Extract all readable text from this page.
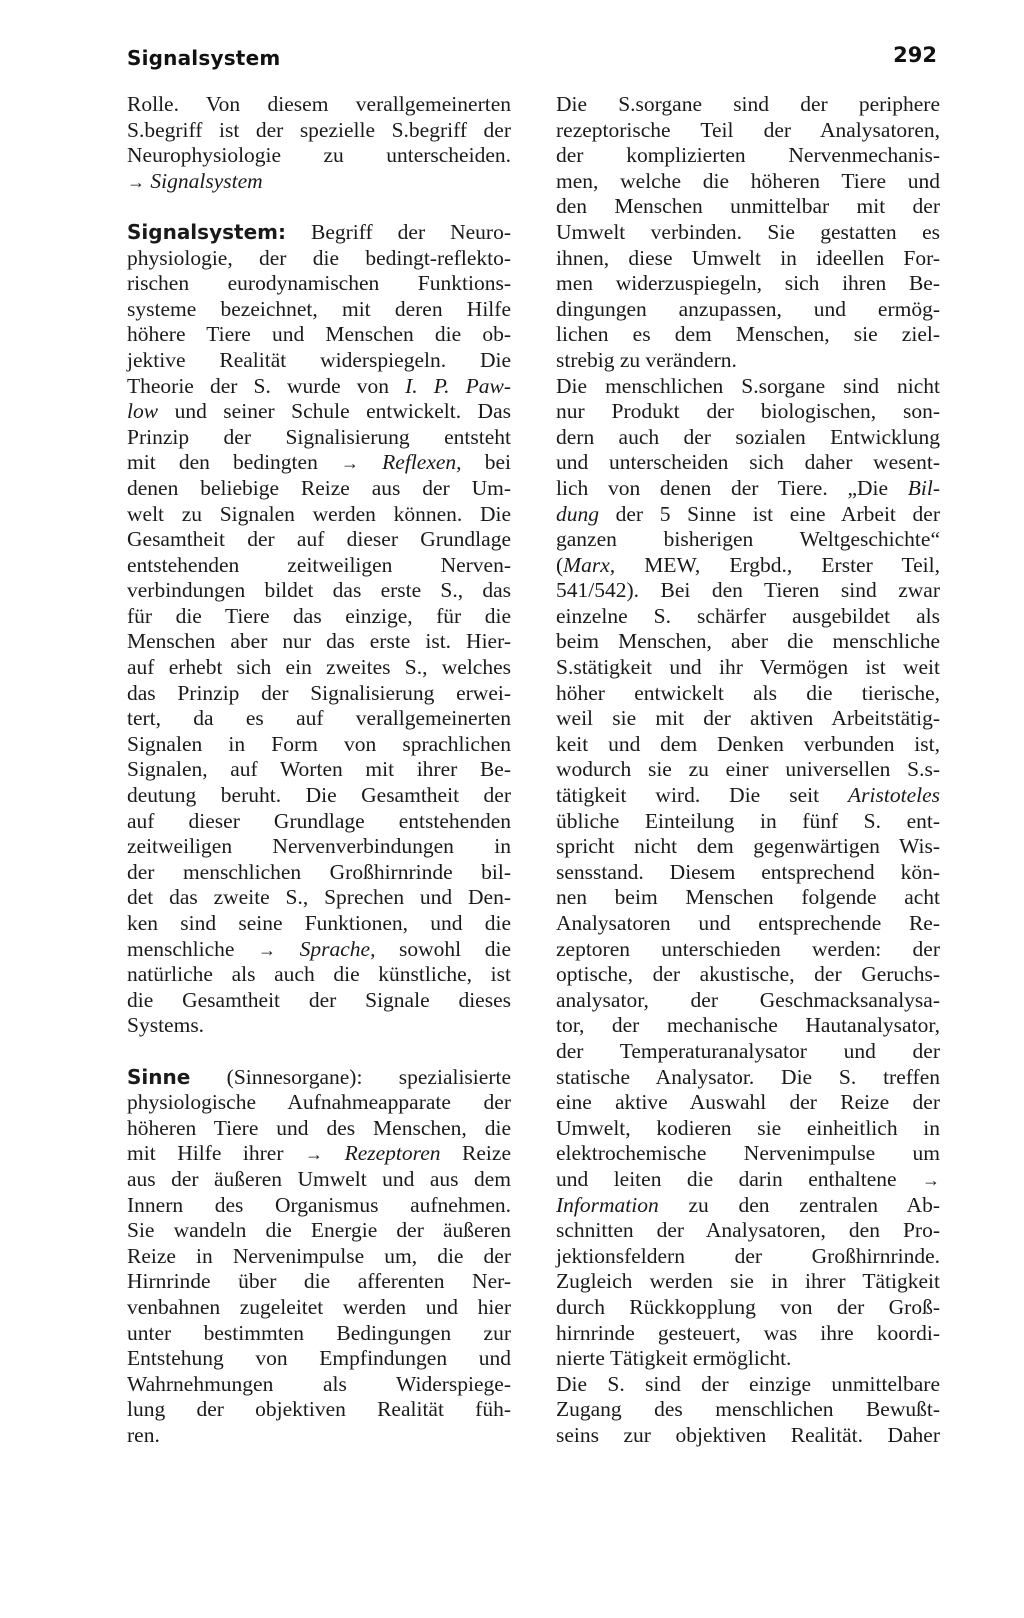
Signalsystem	292
Rolle. Von diesem verallgemeinerten
S.begriff ist der spezielle S.begriff der
Neurophysiologie zu unterscheiden.
→ Signalsystem
Signalsystem: Begriff der Neuro-
physiologie, der die bedingt-reflekto-
rischen eurodynamischen Funktions-
systeme bezeichnet, mit deren Hilfe
höhere Tiere und Menschen die ob-
jektive Realität widerspiegeln. Die
Theorie der S. wurde von I. P. Paw-
low und seiner Schule entwickelt. Das
Prinzip der Signalisierung entsteht
mit den bedingten → Reflexen, bei
denen beliebige Reize aus der Um-
welt zu Signalen werden können. Die
Gesamtheit der auf dieser Grundlage
entstehenden zeitweiligen Nerven-
verbindungen bildet das erste S., das
für die Tiere das einzige, für die
Menschen aber nur das erste ist. Hier-
auf erhebt sich ein zweites S., welches
das Prinzip der Signalisierung erwei-
tert, da es auf verallgemeinerten
Signalen in Form von sprachlichen
Signalen, auf Worten mit ihrer Be-
deutung beruht. Die Gesamtheit der
auf dieser Grundlage entstehenden
zeitweiligen Nervenverbindungen in
der menschlichen Großhirnrinde bil-
det das zweite S., Sprechen und Den-
ken sind seine Funktionen, und die
menschliche → Sprache, sowohl die
natürliche als auch die künstliche, ist
die Gesamtheit der Signale dieses
Systems.
Sinne (Sinnesorgane): spezialisierte
physiologische Aufnahmeapparate der
höheren Tiere und des Menschen, die
mit Hilfe ihrer → Rezeptoren Reize
aus der äußeren Umwelt und aus dem
Innern des Organismus aufnehmen.
Sie wandeln die Energie der äußeren
Reize in Nervenimpulse um, die der
Hirnrinde über die afferenten Ner-
venbahnen zugeleitet werden und hier
unter bestimmten Bedingungen zur
Entstehung von Empfindungen und
Wahrnehmungen als Widerspiege-
lung der objektiven Realität füh-
ren.
Die S.sorgane sind der periphere
rezeptorische Teil der Analysatoren,
der komplizierten Nervenmechanis-
men, welche die höheren Tiere und
den Menschen unmittelbar mit der
Umwelt verbinden. Sie gestatten es
ihnen, diese Umwelt in ideellen For-
men widerzuspiegeln, sich ihren Be-
dingungen anzupassen, und ermög-
lichen es dem Menschen, sie ziel-
strebig zu verändern.
Die menschlichen S.sorgane sind nicht
nur Produkt der biologischen, son-
dern auch der sozialen Entwicklung
und unterscheiden sich daher wesent-
lich von denen der Tiere. „Die Bil-
dung der 5 Sinne ist eine Arbeit der
ganzen bisherigen Weltgeschichte“
(Marx, MEW, Ergbd., Erster Teil,
541/542). Bei den Tieren sind zwar
einzelne S. schärfer ausgebildet als
beim Menschen, aber die menschliche
S.stätigkeit und ihr Vermögen ist weit
höher entwickelt als die tierische,
weil sie mit der aktiven Arbeitstätig-
keit und dem Denken verbunden ist,
wodurch sie zu einer universellen S.s-
tätigkeit wird. Die seit Aristoteles
übliche Einteilung in fünf S. ent-
spricht nicht dem gegenwärtigen Wis-
sensstand. Diesem entsprechend kön-
nen beim Menschen folgende acht
Analysatoren und entsprechende Re-
zeptoren unterschieden werden: der
optische, der akustische, der Geruchs-
analysator, der Geschmacksanalysa-
tor, der mechanische Hautanalysator,
der Temperaturanalysator und der
statische Analysator. Die S. treffen
eine aktive Auswahl der Reize der
Umwelt, kodieren sie einheitlich in
elektrochemische Nervenimpulse um
und leiten die darin enthaltene →
Information zu den zentralen Ab-
schnitten der Analysatoren, den Pro-
jektionsfeldern der Großhirnrinde.
Zugleich werden sie in ihrer Tätigkeit
durch Rückkopplung von der Groß-
hirnrinde gesteuert, was ihre koordi-
nierte Tätigkeit ermöglicht.
Die S. sind der einzige unmittelbare
Zugang des menschlichen Bewußt-
seins zur objektiven Realität. Daher
